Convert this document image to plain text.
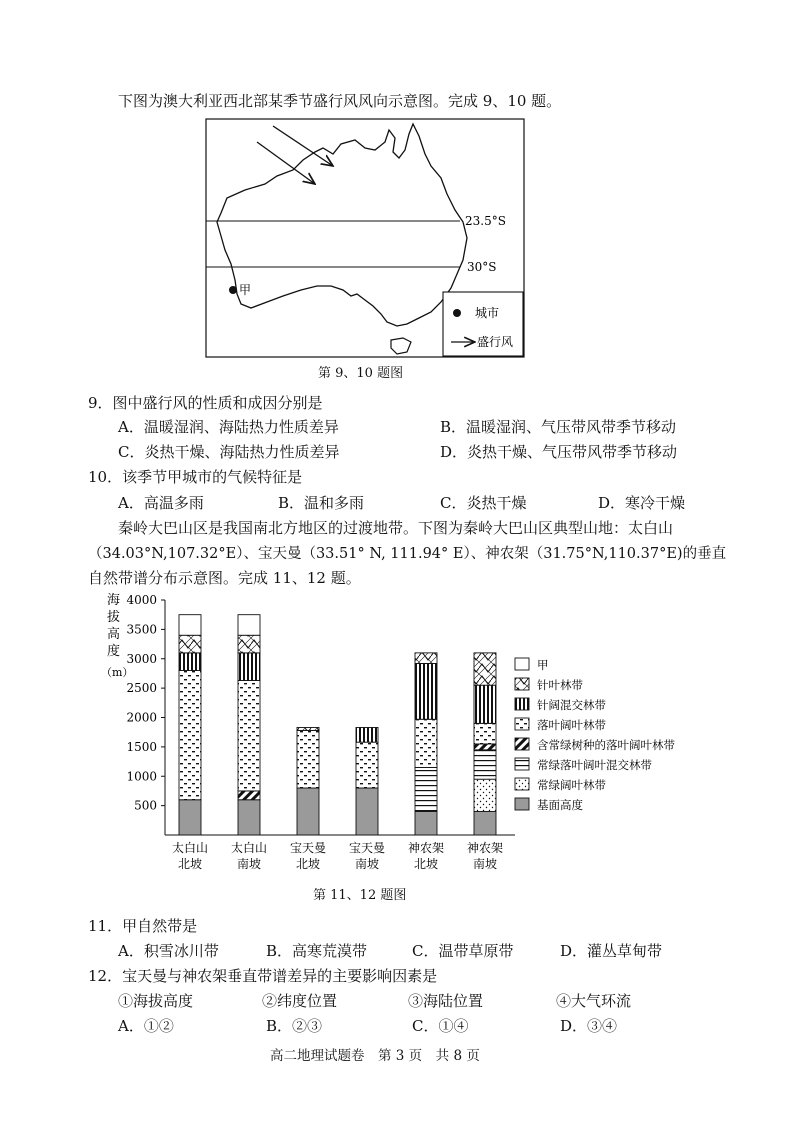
下图为澳大利亚西北部某季节盛行风风向示意图。完成 9、10 题。
23.5°S
30°S
甲
城市
盛行风
第 9、10 题图
9．图中盛行风的性质和成因分别是
A．温暖湿润、海陆热力性质差异	B．温暖湿润、气压带风带季节移动
C．炎热干燥、海陆热力性质差异	D．炎热干燥、气压带风带季节移动
10．该季节甲城市的气候特征是
A．高温多雨	B．温和多雨	C．炎热干燥	D．寒冷干燥
秦岭大巴山区是我国南北方地区的过渡地带。下图为秦岭大巴山区典型山地：太白山
（34.03°N,107.32°E）、宝天曼（33.51° N, 111.94° E）、神农架（31.75°N,110.37°E)的垂直
自然带谱分布示意图。完成 11、12 题。
海
拔
高
度
（m）
500
1000
1500
2000
2500
3000
3500
4000
太白山
北坡
太白山
南坡
宝天曼
北坡
宝天曼
南坡
神农架
北坡
神农架
南坡
甲
针叶林带
针阔混交林带
落叶阔叶林带
含常绿树种的落叶阔叶林带
常绿落叶阔叶混交林带
常绿阔叶林带
基面高度
第 11、12 题图
11．甲自然带是
A．积雪冰川带	B．高寒荒漠带	C．温带草原带	D．灌丛草甸带
12．宝天曼与神农架垂直带谱差异的主要影响因素是
①海拔高度	②纬度位置	③海陆位置	④大气环流
A．①②	B．②③	C．①④	D．③④
高二地理试题卷　第 3 页　共 8 页
